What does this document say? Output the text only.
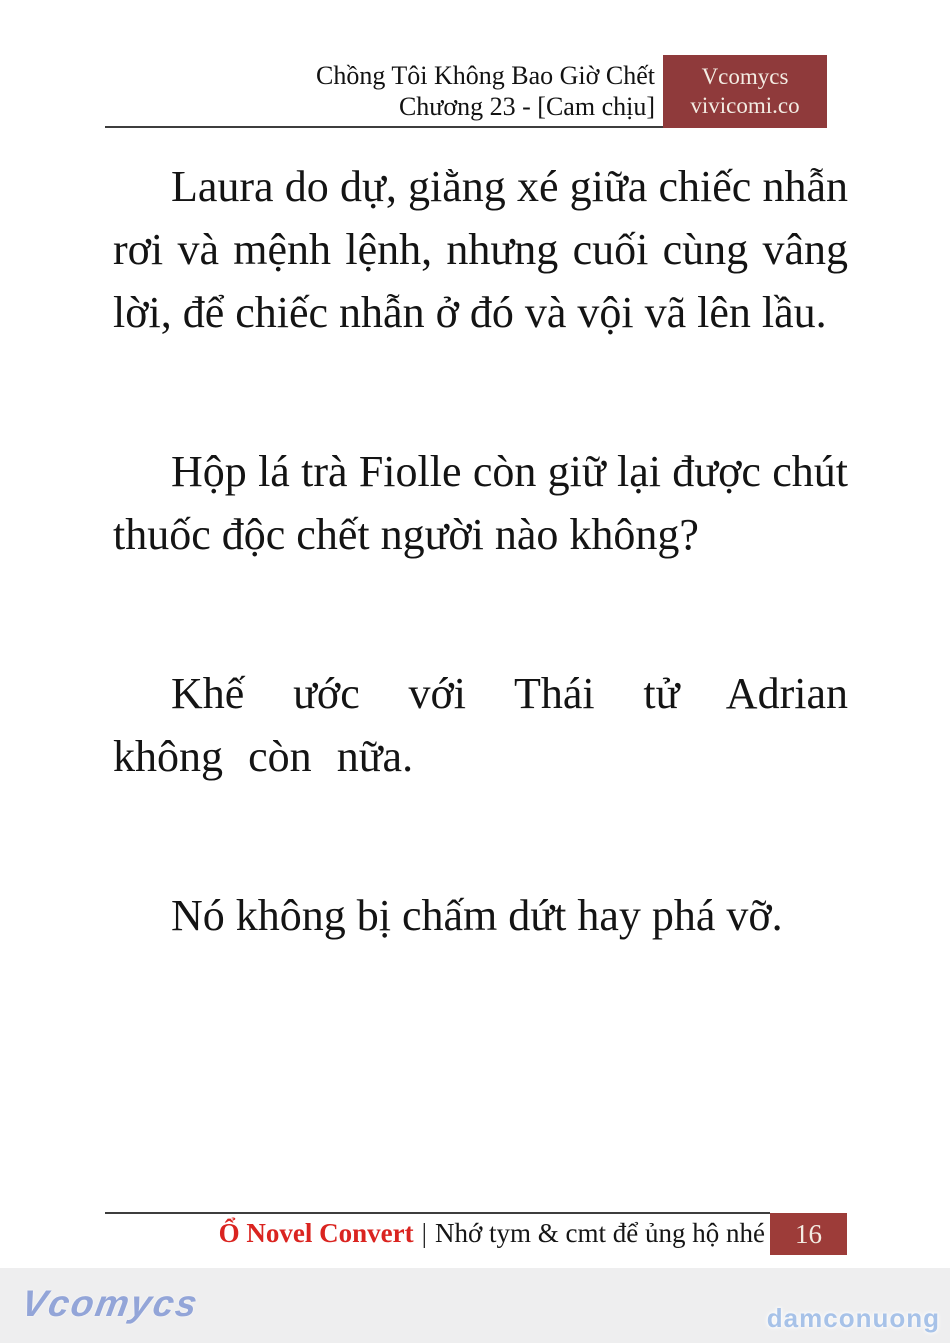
Chồng Tôi Không Bao Giờ Chết
Chương 23 - [Cam chịu]
Vcomycs
vivicomi.co

Laura do dự, giằng xé giữa chiếc nhẫn rơi và mệnh lệnh, nhưng cuối cùng vâng lời, để chiếc nhẫn ở đó và vội vã lên lầu.

Hộp lá trà Fiolle còn giữ lại được chút thuốc độc chết người nào không?

Khế ước với Thái tử Adrian không còn nữa.

Nó không bị chấm dứt hay phá vỡ.

Ổ Novel Convert | Nhớ tym & cmt để ủng hộ nhé	16
Vcomycs	damconuong
